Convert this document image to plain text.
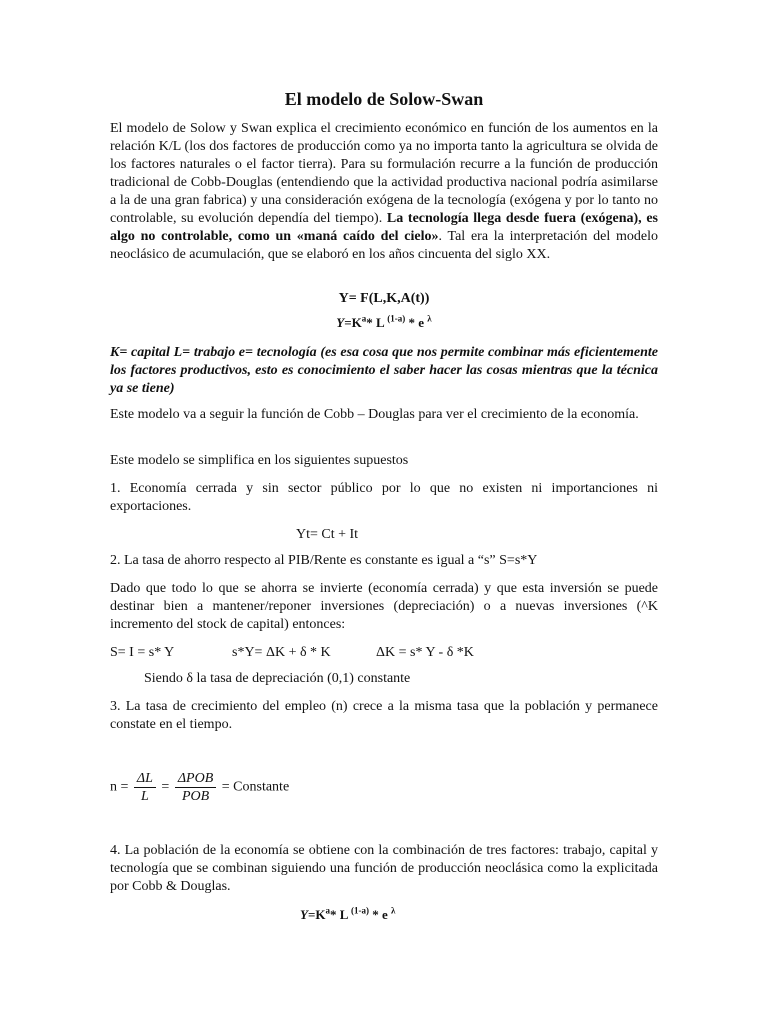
El modelo de Solow-Swan
El modelo de Solow y Swan explica el crecimiento económico en función de los aumentos en la relación K/L (los dos factores de producción como ya no importa tanto la agricultura se olvida de los factores naturales o el factor tierra). Para su formulación recurre a la función de producción tradicional de Cobb-Douglas (entendiendo que la actividad productiva nacional podría asimilarse a la de una gran fabrica) y una consideración exógena de la tecnología (exógena y por lo tanto no controlable, su evolución dependía del tiempo). La tecnología llega desde fuera (exógena), es algo no controlable, como un «maná caído del cielo». Tal era la interpretación del modelo neoclásico de acumulación, que se elaboró en los años cincuenta del siglo XX.
Y= F(L,K,A(t))
$Y=K^a*$ L $^{(1-a)}$ * e $^\lambda$
K= capital L= trabajo e= tecnología (es esa cosa que nos permite combinar más eficientemente los factores productivos, esto es conocimiento el saber hacer las cosas mientras que la técnica ya se tiene)
Este modelo va a seguir la función de Cobb – Douglas para ver el crecimiento de la economía.
Este modelo se simplifica en los siguientes supuestos
1. Economía cerrada y sin sector público por lo que no existen ni importanciones ni exportaciones.
Yt= Ct + It
2. La tasa de ahorro respecto al PIB/Rente es constante es igual a “s” S=s*Y
Dado que todo lo que se ahorra se invierte (economía cerrada) y que esta inversión se puede destinar bien a mantener/reponer inversiones (depreciación) o a nuevas inversiones (^K incremento del stock de capital) entonces:
S= I = s* Y	s*Y= ΔK + δ * K	ΔK = s* Y - δ *K
Siendo δ la tasa de depreciación (0,1) constante
3. La tasa de crecimiento del empleo (n) crece a la misma tasa que la población y permanece constate en el tiempo.
$n = \frac{\Delta L}{L} = \frac{\text{ΔPOB}}{\text{POB}}$ = Constante
4. La población de la economía se obtiene con la combinación de tres factores: trabajo, capital y tecnología que se combinan siguiendo una función de producción neoclásica como la explicitada por Cobb & Douglas.
$Y=K^a*$ L $^{(1-a)}$ * e $^\lambda$
